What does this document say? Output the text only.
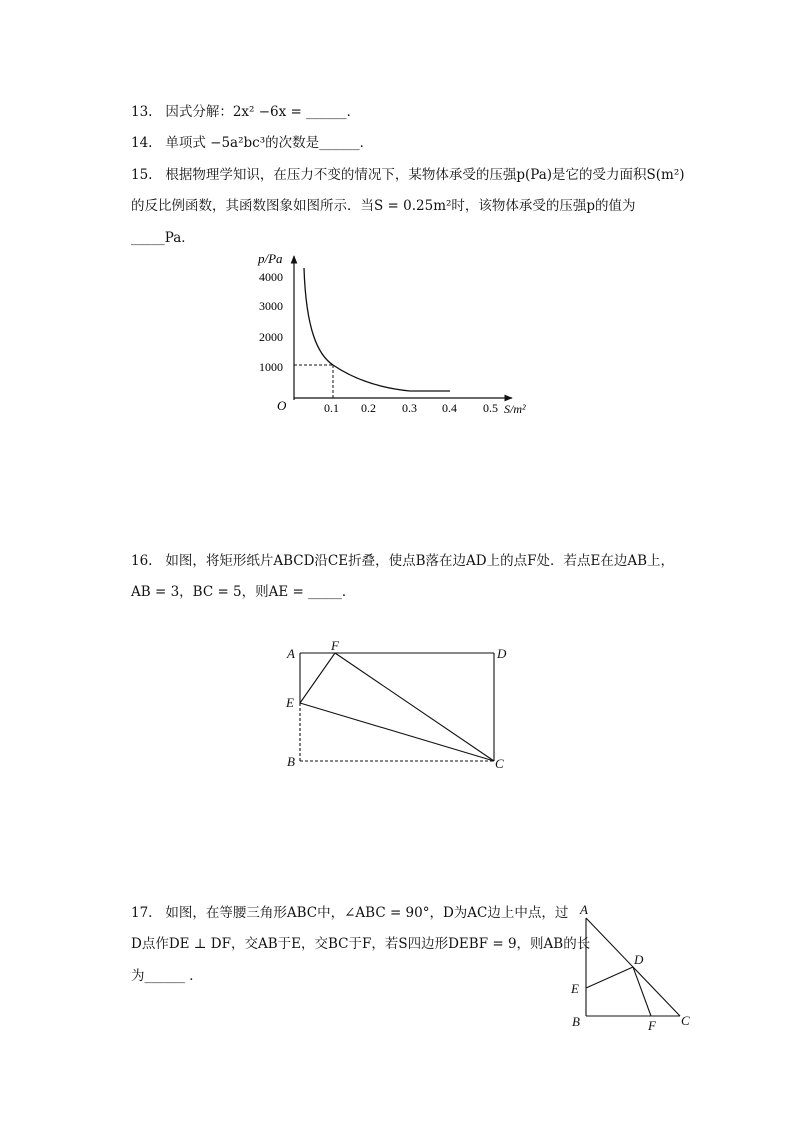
13.   因式分解：2x² −6x = ______．
14.   单项式 −5a²bc³的次数是______．
15.   根据物理学知识，在压力不变的情况下，某物体承受的压强p(Pa)是它的受力面积S(m²)
的反比例函数，其函数图象如图所示．当S = 0.25m²时，该物体承受的压强p的值为
_____Pa．
16.   如图，将矩形纸片ABCD沿CE折叠，使点B落在边AD上的点F处．若点E在边AB上，
AB = 3，BC = 5，则AE = _____．
17.   如图，在等腰三角形ABC中，∠ABC = 90°，D为AC边上中点，过
D点作DE ⊥ DF，交AB于E，交BC于F，若S四边形DEBF = 9，则AB的长
为______ ．
p/Pa
S/m²
O
4000
3000
2000
1000
0.1 0.2 0.3 0.4 0.5
A
F
D
E
B	C
A
D
E
B	F C
